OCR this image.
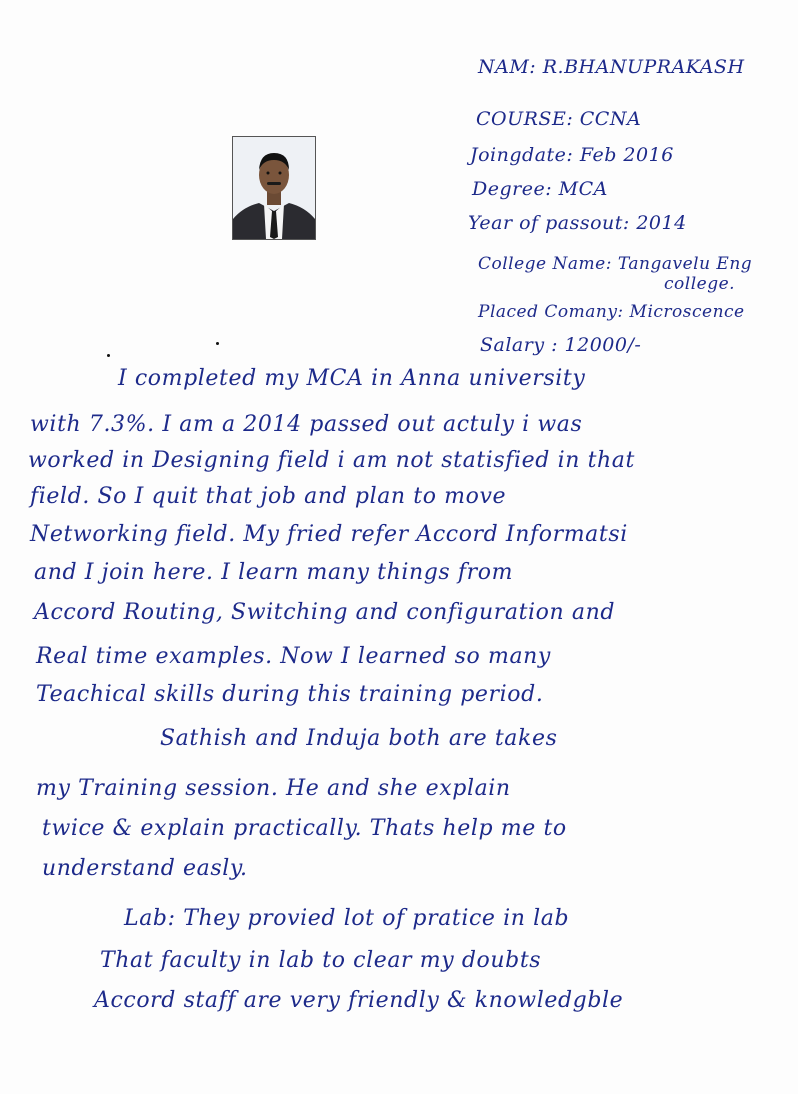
NAM: R.BHANUPRAKASH
COURSE: CCNA
Joingdate: Feb 2016
Degree: MCA
Year of passout: 2014
College Name: Tangavelu Eng
college.
Placed Comany: Microscence
Salary : 12000/-
I completed my MCA in Anna university
with 7.3%. I am a 2014 passed out actuly i was
worked in Designing field i am not statisfied in that
field. So I quit that job and plan to move
Networking field. My fried refer Accord Informatsi
and I join here. I learn many things from
Accord Routing, Switching and configuration and
Real time examples. Now I learned so many
Teachical skills during this training period.
Sathish and Induja both are takes
my Training session. He and she explain
twice & explain practically. Thats help me to
understand easly.
Lab: They provied lot of pratice in lab
That faculty in lab to clear my doubts
Accord staff are very friendly & knowledgble
